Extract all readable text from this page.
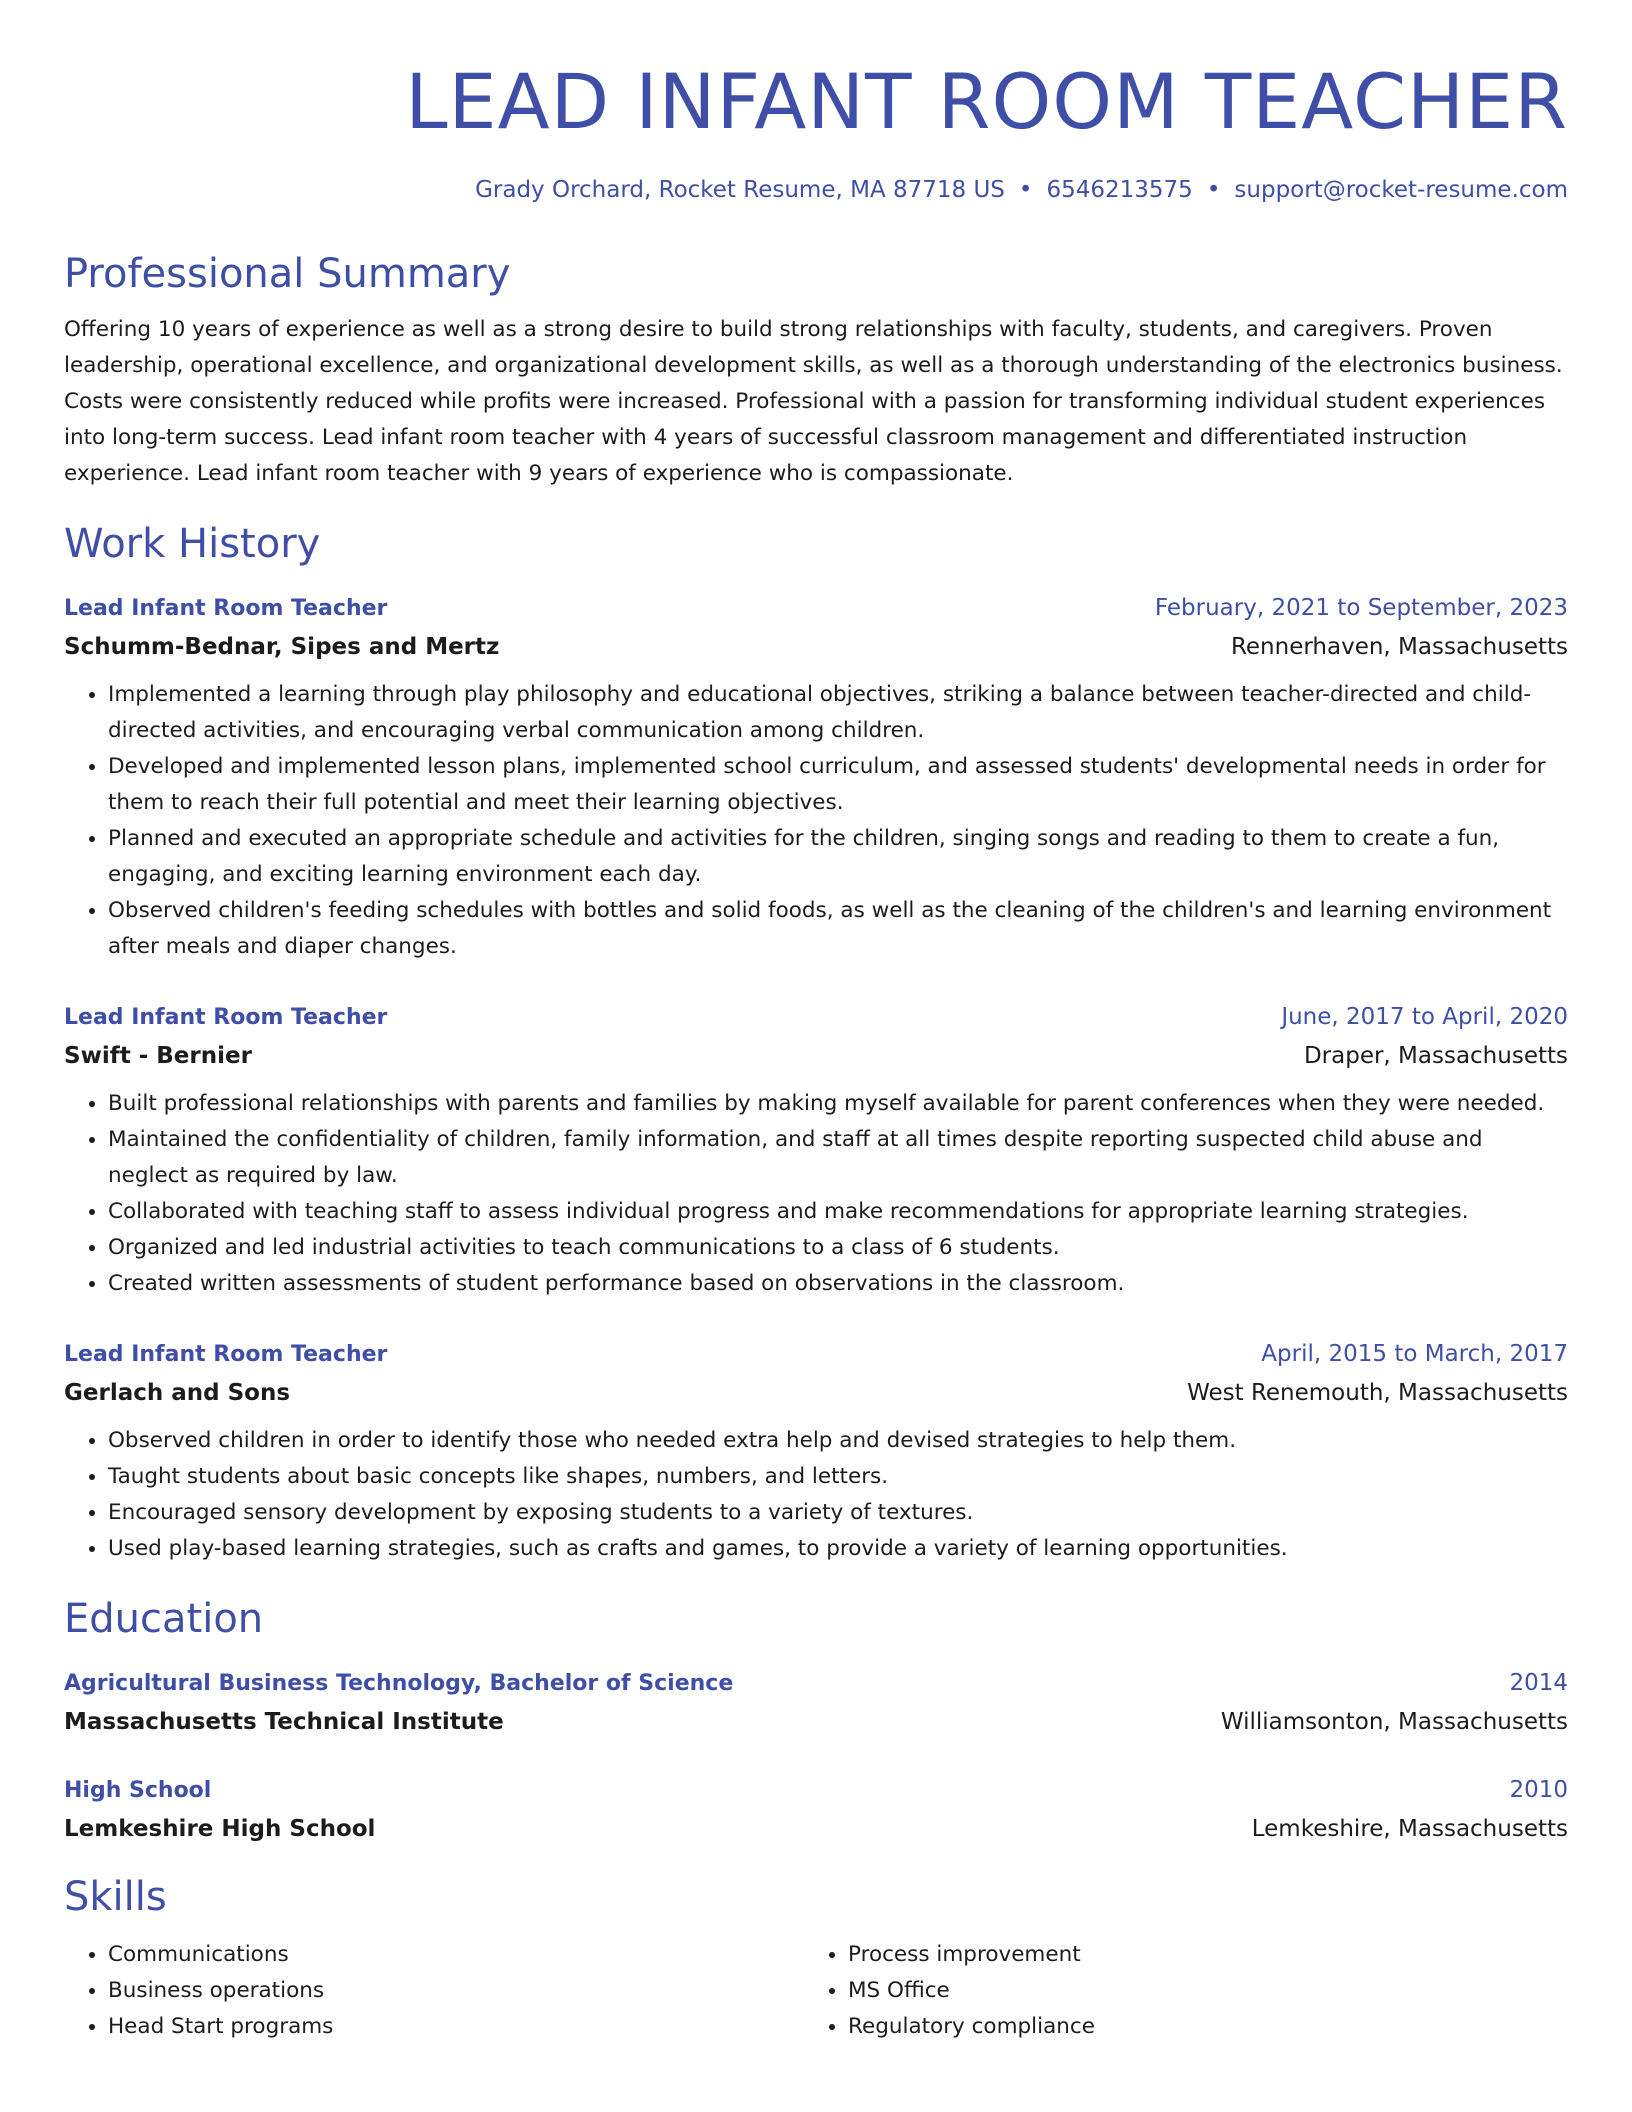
LEAD INFANT ROOM TEACHER
Grady Orchard, Rocket Resume, MA 87718 US • 6546213575 • support@rocket-resume.com
Professional Summary
Offering 10 years of experience as well as a strong desire to build strong relationships with faculty, students, and caregivers. Proven leadership, operational excellence, and organizational development skills, as well as a thorough understanding of the electronics business. Costs were consistently reduced while profits were increased. Professional with a passion for transforming individual student experiences into long-term success. Lead infant room teacher with 4 years of successful classroom management and differentiated instruction experience. Lead infant room teacher with 9 years of experience who is compassionate.
Work History
Lead Infant Room Teacher	February, 2021 to September, 2023
Schumm-Bednar, Sipes and Mertz	Rennerhaven, Massachusetts
• Implemented a learning through play philosophy and educational objectives, striking a balance between teacher-directed and child-directed activities, and encouraging verbal communication among children.
• Developed and implemented lesson plans, implemented school curriculum, and assessed students' developmental needs in order for them to reach their full potential and meet their learning objectives.
• Planned and executed an appropriate schedule and activities for the children, singing songs and reading to them to create a fun, engaging, and exciting learning environment each day.
• Observed children's feeding schedules with bottles and solid foods, as well as the cleaning of the children's and learning environment after meals and diaper changes.
Lead Infant Room Teacher	June, 2017 to April, 2020
Swift - Bernier	Draper, Massachusetts
• Built professional relationships with parents and families by making myself available for parent conferences when they were needed.
• Maintained the confidentiality of children, family information, and staff at all times despite reporting suspected child abuse and neglect as required by law.
• Collaborated with teaching staff to assess individual progress and make recommendations for appropriate learning strategies.
• Organized and led industrial activities to teach communications to a class of 6 students.
• Created written assessments of student performance based on observations in the classroom.
Lead Infant Room Teacher	April, 2015 to March, 2017
Gerlach and Sons	West Renemouth, Massachusetts
• Observed children in order to identify those who needed extra help and devised strategies to help them.
• Taught students about basic concepts like shapes, numbers, and letters.
• Encouraged sensory development by exposing students to a variety of textures.
• Used play-based learning strategies, such as crafts and games, to provide a variety of learning opportunities.
Education
Agricultural Business Technology, Bachelor of Science	2014
Massachusetts Technical Institute	Williamsonton, Massachusetts
High School	2010
Lemkeshire High School	Lemkeshire, Massachusetts
Skills
• Communications
• Business operations
• Head Start programs
• Process improvement
• MS Office
• Regulatory compliance
